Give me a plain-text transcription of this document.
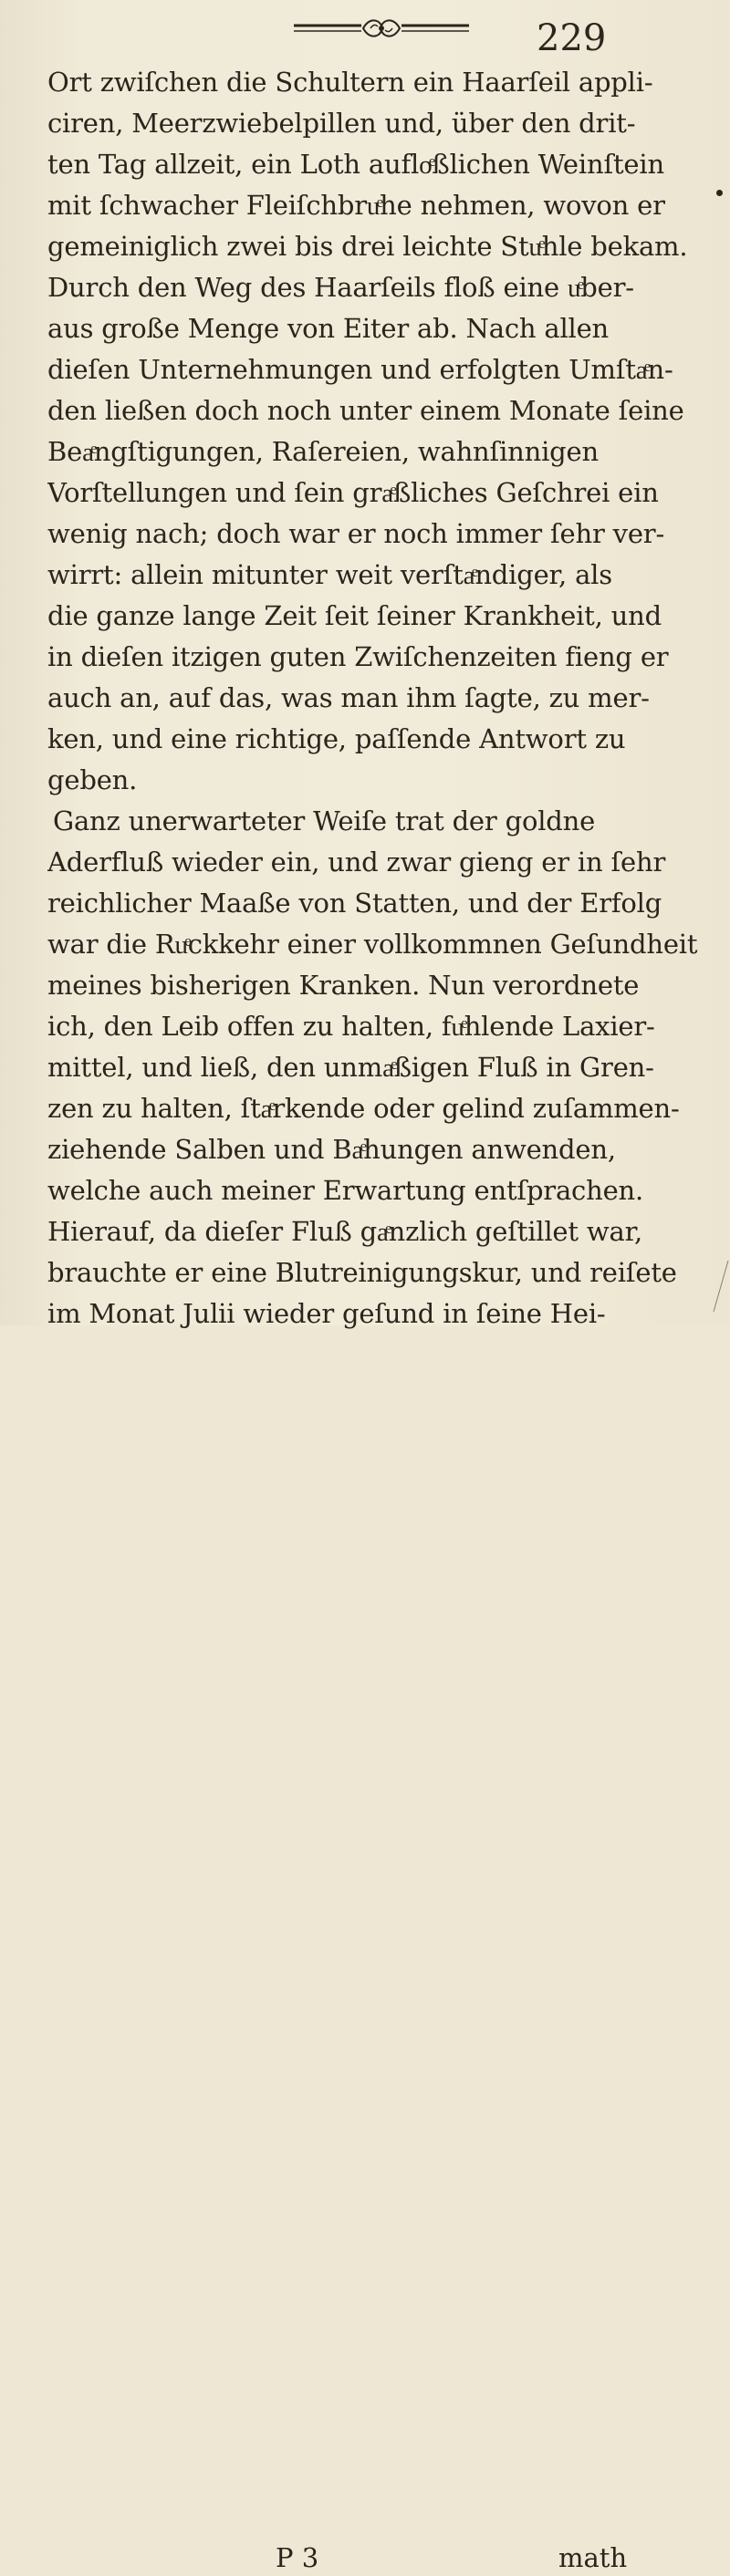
229
Ort zwiſchen die Schultern ein Haarſeil appli-
ciren, Meerzwiebelpillen und, über den drit-
ten Tag allzeit, ein Loth aufloͤßlichen Weinſtein
mit ſchwacher Fleiſchbruͤhe nehmen, wovon er
gemeiniglich zwei bis drei leichte Stuͤhle bekam.
Durch den Weg des Haarſeils floß eine uͤber-
aus große Menge von Eiter ab. Nach allen
dieſen Unternehmungen und erfolgten Umſtaͤn-
den ließen doch noch unter einem Monate ſeine
Beaͤngſtigungen, Raſereien, wahnſinnigen
Vorſtellungen und ſein graͤßliches Geſchrei ein
wenig nach; doch war er noch immer ſehr ver-
wirrt: allein mitunter weit verſtaͤndiger, als
die ganze lange Zeit ſeit ſeiner Krankheit, und
in dieſen itzigen guten Zwiſchenzeiten fieng er
auch an, auf das, was man ihm ſagte, zu mer-
ken, und eine richtige, paſſende Antwort zu
geben.
Ganz unerwarteter Weiſe trat der goldne
Aderfluß wieder ein, und zwar gieng er in ſehr
reichlicher Maaße von Statten, und der Erfolg
war die Ruͤckkehr einer vollkommnen Geſundheit
meines bisherigen Kranken. Nun verordnete
ich, den Leib offen zu halten, fuͤhlende Laxier-
mittel, und ließ, den unmaͤßigen Fluß in Gren-
zen zu halten, ſtaͤrkende oder gelind zuſammen-
ziehende Salben und Baͤhungen anwenden,
welche auch meiner Erwartung entſprachen.
Hierauf, da dieſer Fluß gaͤnzlich geſtillet war,
brauchte er eine Blutreinigungskur, und reiſete
im Monat Julii wieder geſund in ſeine Hei-
P 3	math
